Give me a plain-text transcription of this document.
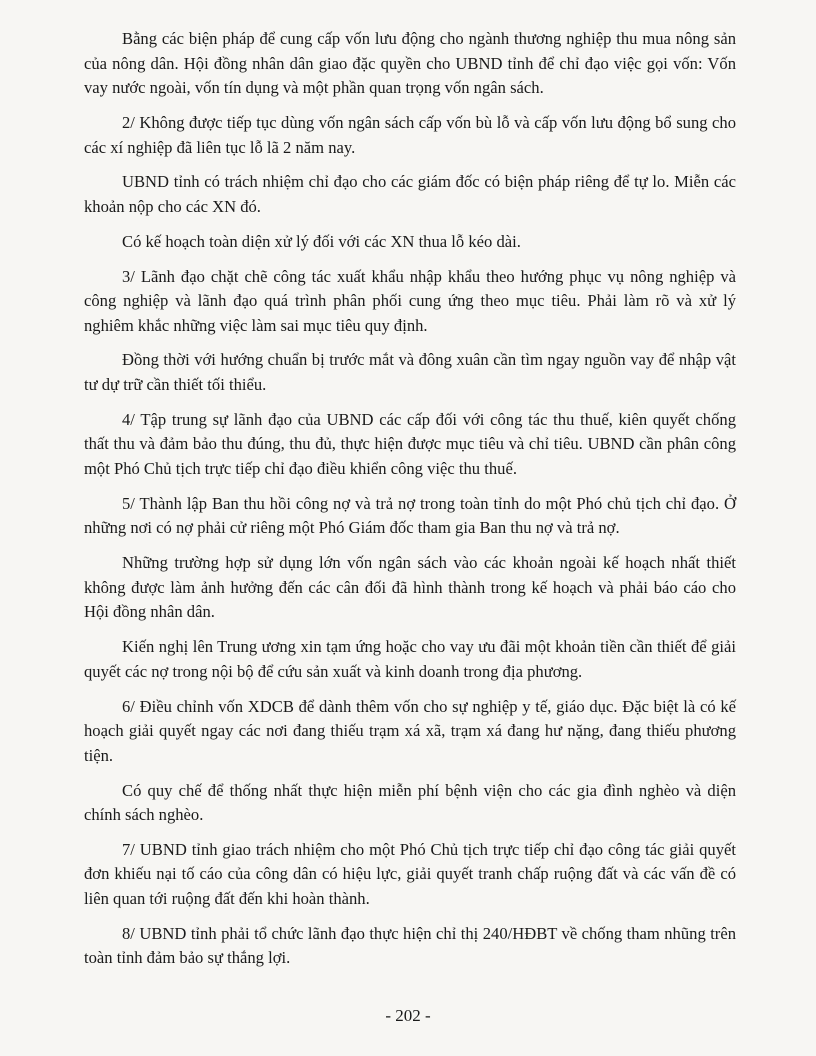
Bằng các biện pháp để cung cấp vốn lưu động cho ngành thương nghiệp thu mua nông sản của nông dân. Hội đồng nhân dân giao đặc quyền cho UBND tỉnh để chỉ đạo việc gọi vốn: Vốn vay nước ngoài, vốn tín dụng và một phần quan trọng vốn ngân sách.

2/ Không được tiếp tục dùng vốn ngân sách cấp vốn bù lỗ và cấp vốn lưu động bổ sung cho các xí nghiệp đã liên tục lỗ lã 2 năm nay.

UBND tỉnh có trách nhiệm chỉ đạo cho các giám đốc có biện pháp riêng để tự lo. Miễn các khoản nộp cho các XN đó.

Có kế hoạch toàn diện xử lý đối với các XN thua lỗ kéo dài.

3/ Lãnh đạo chặt chẽ công tác xuất khẩu nhập khẩu theo hướng phục vụ nông nghiệp và công nghiệp và lãnh đạo quá trình phân phối cung ứng theo mục tiêu. Phải làm rõ và xử lý nghiêm khắc những việc làm sai mục tiêu quy định.

Đồng thời với hướng chuẩn bị trước mắt và đông xuân cần tìm ngay nguồn vay để nhập vật tư dự trữ cần thiết tối thiểu.

4/ Tập trung sự lãnh đạo của UBND các cấp đối với công tác thu thuế, kiên quyết chống thất thu và đảm bảo thu đúng, thu đủ, thực hiện được mục tiêu và chỉ tiêu. UBND cần phân công một Phó Chủ tịch trực tiếp chỉ đạo điều khiển công việc thu thuế.

5/ Thành lập Ban thu hồi công nợ và trả nợ trong toàn tỉnh do một Phó chủ tịch chỉ đạo. Ở những nơi có nợ phải cử riêng một Phó Giám đốc tham gia Ban thu nợ và trả nợ.

Những trường hợp sử dụng lớn vốn ngân sách vào các khoản ngoài kế hoạch nhất thiết không được làm ảnh hưởng đến các cân đối đã hình thành trong kế hoạch và phải báo cáo cho Hội đồng nhân dân.

Kiến nghị lên Trung ương xin tạm ứng hoặc cho vay ưu đãi một khoản tiền cần thiết để giải quyết các nợ trong nội bộ để cứu sản xuất và kinh doanh trong địa phương.

6/ Điều chỉnh vốn XDCB để dành thêm vốn cho sự nghiệp y tế, giáo dục. Đặc biệt là có kế hoạch giải quyết ngay các nơi đang thiếu trạm xá xã, trạm xá đang hư nặng, đang thiếu phương tiện.

Có quy chế để thống nhất thực hiện miễn phí bệnh viện cho các gia đình nghèo và diện chính sách nghèo.

7/ UBND tỉnh giao trách nhiệm cho một Phó Chủ tịch trực tiếp chỉ đạo công tác giải quyết đơn khiếu nại tố cáo của công dân có hiệu lực, giải quyết tranh chấp ruộng đất và các vấn đề có liên quan tới ruộng đất đến khi hoàn thành.

8/ UBND tỉnh phải tổ chức lãnh đạo thực hiện chỉ thị 240/HĐBT về chống tham nhũng trên toàn tỉnh đảm bảo sự thắng lợi.

- 202 -
